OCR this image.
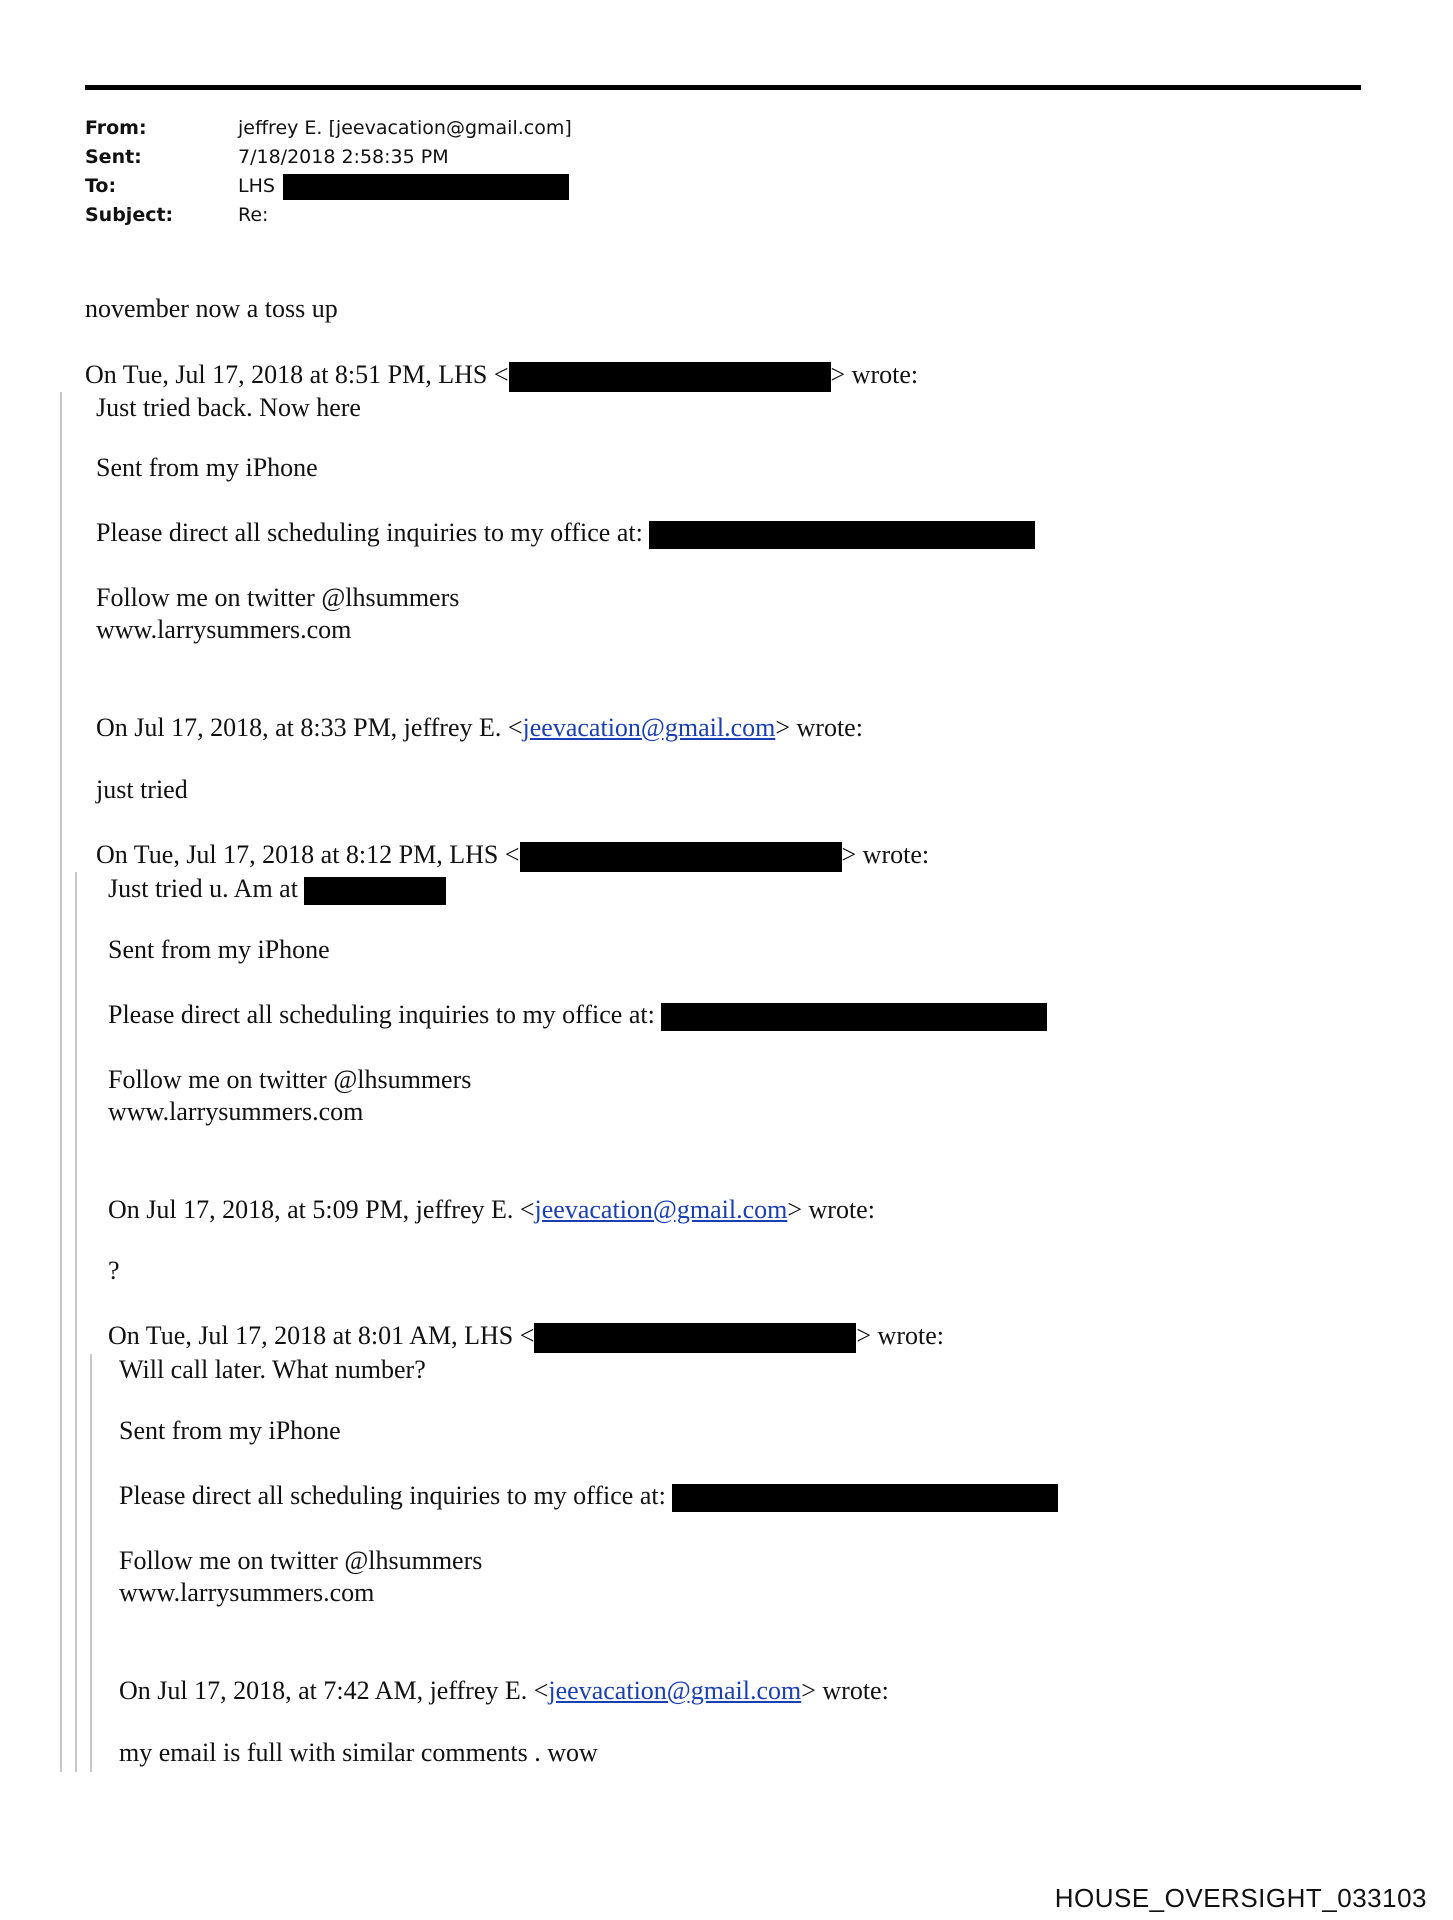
From:	jeffrey E. [jeevacation@gmail.com]
Sent:	7/18/2018 2:58:35 PM
To:	LHS
Subject:	Re:
november now a toss up
On Tue, Jul 17, 2018 at 8:51 PM, LHS <	> wrote:
Just tried back. Now here
Sent from my iPhone
Please direct all scheduling inquiries to my office at:
Follow me on twitter @lhsummers
www.larrysummers.com
On Jul 17, 2018, at 8:33 PM, jeffrey E. <jeevacation@gmail.com> wrote:
just tried
On Tue, Jul 17, 2018 at 8:12 PM, LHS <	> wrote:
Just tried u. Am at
Sent from my iPhone
Please direct all scheduling inquiries to my office at:
Follow me on twitter @lhsummers
www.larrysummers.com
On Jul 17, 2018, at 5:09 PM, jeffrey E. <jeevacation@gmail.com> wrote:
?
On Tue, Jul 17, 2018 at 8:01 AM, LHS <	> wrote:
Will call later. What number?
Sent from my iPhone
Please direct all scheduling inquiries to my office at:
Follow me on twitter @lhsummers
www.larrysummers.com
On Jul 17, 2018, at 7:42 AM, jeffrey E. <jeevacation@gmail.com> wrote:
my email is full with similar comments . wow
HOUSE_OVERSIGHT_033103
